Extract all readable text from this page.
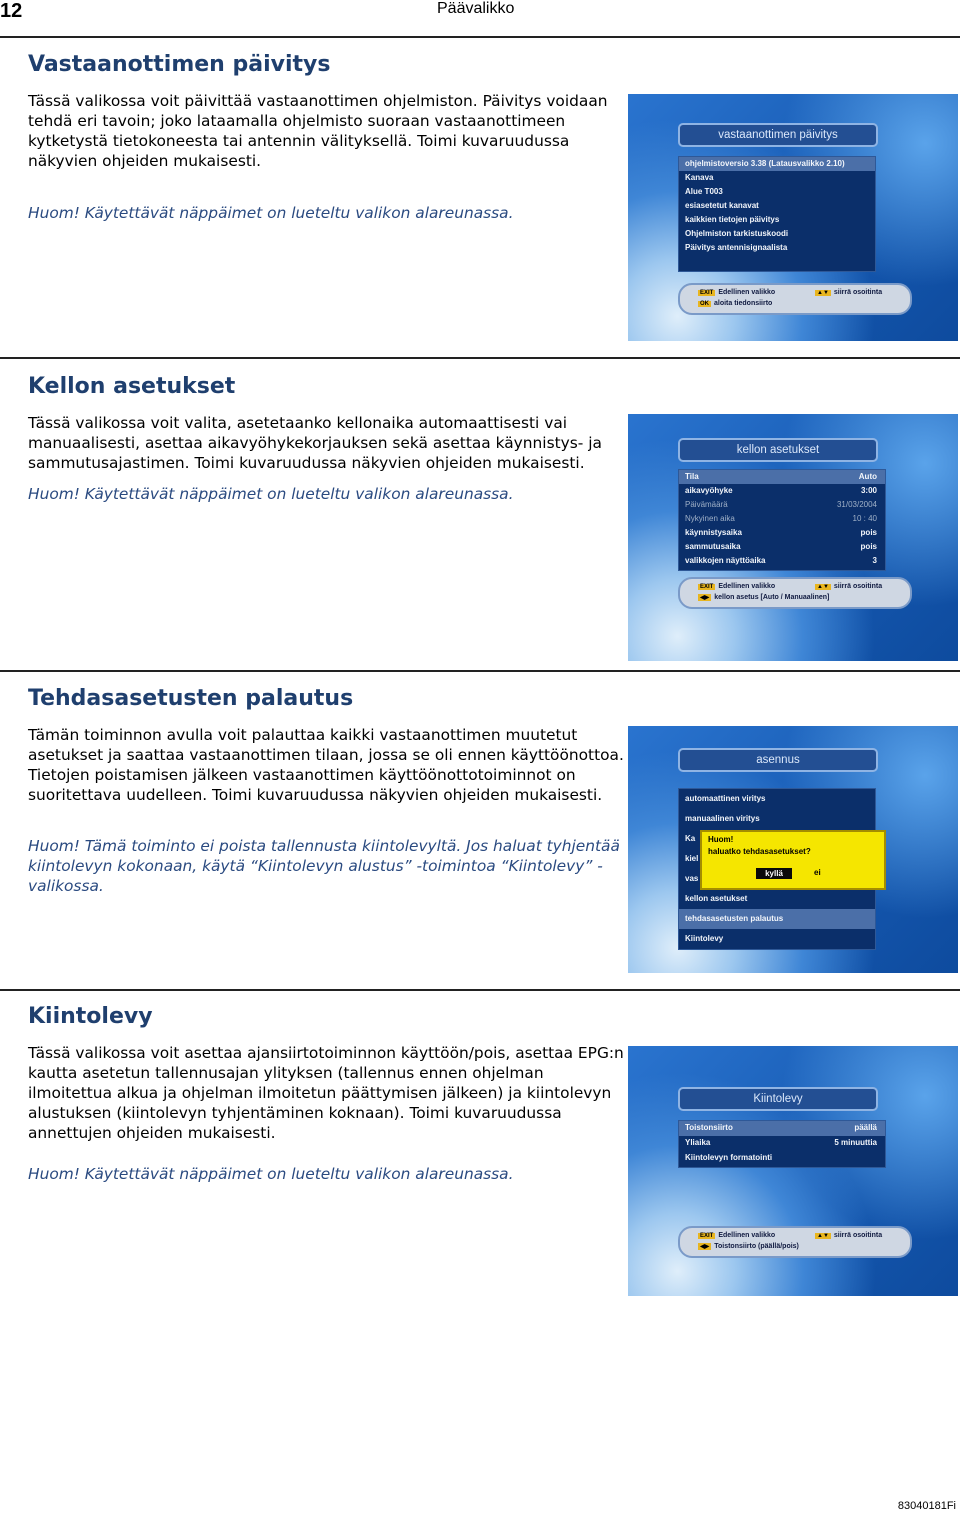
12	Päävalikko
Vastaanottimen päivitys

Tässä valikossa voit päivittää vastaanottimen ohjelmiston. Päivitys voidaan tehdä eri tavoin; joko lataamalla ohjelmisto suoraan vastaanottimeen kytketystä tietokoneesta tai antennin välityksellä. Toimi kuvaruudussa näkyvien ohjeiden mukaisesti.

Huom! Käytettävät näppäimet on lueteltu valikon alareunassa.

vastaanottimen päivitys
ohjelmistoversio 3.38 (Latausvalikko 2.10)
Kanava
Alue T003
esiasetetut kanavat
kaikkien tietojen päivitys
Ohjelmiston tarkistuskoodi
Päivitys antennisignaalista
EXIT Edellinen valikko	▲▼ siirrä osoitinta
OK aloita tiedonsiirto
Kellon asetukset

Tässä valikossa voit valita, asetetaanko kellonaika automaattisesti vai manuaalisesti, asettaa aikavyöhykekorjauksen sekä asettaa käynnistys- ja sammutusajastimen. Toimi kuvaruudussa näkyvien ohjeiden mukaisesti.

Huom! Käytettävät näppäimet on lueteltu valikon alareunassa.

kellon asetukset
Tila	Auto
aikavyöhyke	3:00
Päivämäärä	31/03/2004
Nykyinen aika	10 : 40
käynnistysaika	pois
sammutusaika	pois
valikkojen näyttöaika	3
EXIT Edellinen valikko	▲▼ siirrä osoitinta
◀▶ kellon asetus [Auto / Manuaalinen]
Tehdasasetusten palautus

Tämän toiminnon avulla voit palauttaa kaikki vastaanottimen muutetut asetukset ja saattaa vastaanottimen tilaan, jossa se oli ennen käyttöönottoa. Tietojen poistamisen jälkeen vastaanottimen käyttöönottotoiminnot on suoritettava uudelleen. Toimi kuvaruudussa näkyvien ohjeiden mukaisesti.

Huom! Tämä toiminto ei poista tallennusta kiintolevyltä. Jos haluat tyhjentää kiintolevyn kokonaan, käytä “Kiintolevyn alustus” -toimintoa “Kiintolevy” -valikossa.

asennus
automaattinen viritys
manuaalinen viritys
Ka
kiel
vas
kellon asetukset
tehdasasetusten palautus
Kiintolevy
Huom!
haluatko tehdasasetukset?
kyllä	ei
Kiintolevy

Tässä valikossa voit asettaa ajansiirtotoiminnon käyttöön/pois, asettaa EPG:n kautta asetetun tallennusajan ylityksen (tallennus ennen ohjelman ilmoitettua alkua ja ohjelman ilmoitetun päättymisen jälkeen) ja kiintolevyn alustuksen (kiintolevyn tyhjentäminen koknaan). Toimi kuvaruudussa annettujen ohjeiden mukaisesti.

Huom! Käytettävät näppäimet on lueteltu valikon alareunassa.

Kiintolevy
Toistonsiirto	päällä
Yliaika	5 minuuttia
Kiintolevyn formatointi
EXIT Edellinen valikko	▲▼ siirrä osoitinta
◀▶ Toistonsiirto (päällä/pois)
83040181Fi
